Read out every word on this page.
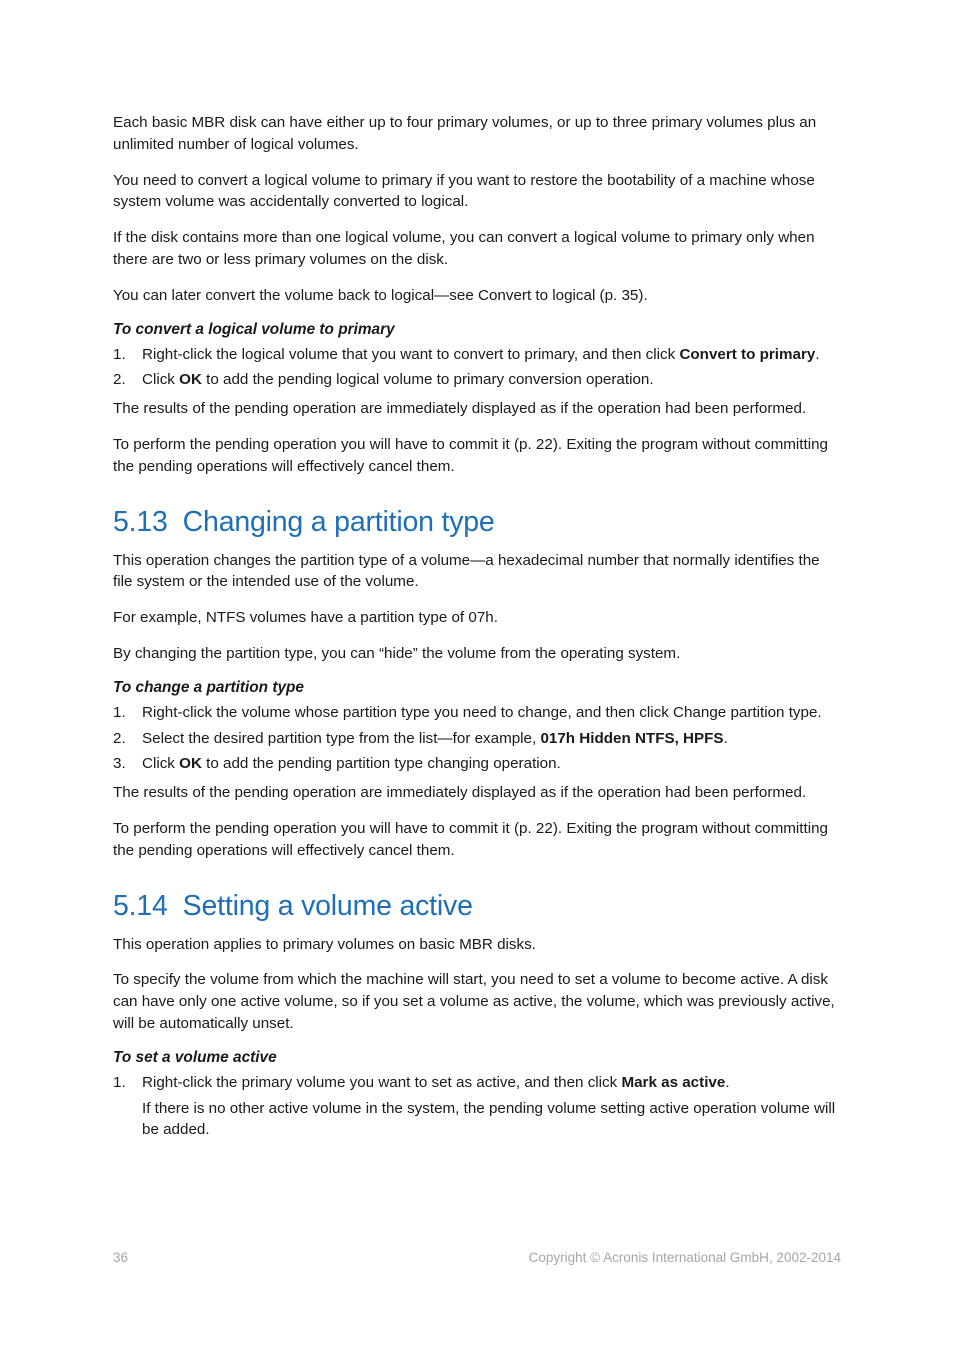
Each basic MBR disk can have either up to four primary volumes, or up to three primary volumes plus an unlimited number of logical volumes.

You need to convert a logical volume to primary if you want to restore the bootability of a machine whose system volume was accidentally converted to logical.

If the disk contains more than one logical volume, you can convert a logical volume to primary only when there are two or less primary volumes on the disk.

You can later convert the volume back to logical—see Convert to logical (p. 35).

To convert a logical volume to primary

1. Right-click the logical volume that you want to convert to primary, and then click Convert to primary.
2. Click OK to add the pending logical volume to primary conversion operation.

The results of the pending operation are immediately displayed as if the operation had been performed.

To perform the pending operation you will have to commit it (p. 22). Exiting the program without committing the pending operations will effectively cancel them.

5.13 Changing a partition type

This operation changes the partition type of a volume—a hexadecimal number that normally identifies the file system or the intended use of the volume.

For example, NTFS volumes have a partition type of 07h.

By changing the partition type, you can “hide” the volume from the operating system.

To change a partition type

1. Right-click the volume whose partition type you need to change, and then click Change partition type.
2. Select the desired partition type from the list—for example, 017h Hidden NTFS, HPFS.
3. Click OK to add the pending partition type changing operation.

The results of the pending operation are immediately displayed as if the operation had been performed.

To perform the pending operation you will have to commit it (p. 22). Exiting the program without committing the pending operations will effectively cancel them.

5.14 Setting a volume active

This operation applies to primary volumes on basic MBR disks.

To specify the volume from which the machine will start, you need to set a volume to become active. A disk can have only one active volume, so if you set a volume as active, the volume, which was previously active, will be automatically unset.

To set a volume active

1. Right-click the primary volume you want to set as active, and then click Mark as active.

If there is no other active volume in the system, the pending volume setting active operation volume will be added.

36	Copyright © Acronis International GmbH, 2002-2014
